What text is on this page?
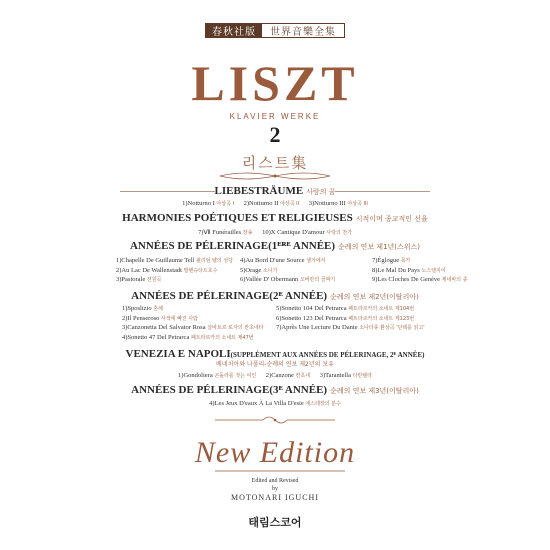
春秋社版	世界音樂全集
LISZT
KLAVIER WERKE
2
리스트集
LIEBESTRÄUME 사랑의 꿈
1)Notturno I 야상곡 I 2)Notturno II 야상곡 II 3)Notturno III 야상곡 III
HARMONIES POÉTIQUES ET RELIGIEUSES 시적이며 종교적인 선율
7)Ⅶ Funérailles 장송 10)X Cantique D'amour 사랑의 찬가
ANNÉES DE PÉLERINAGE(1ᴱᴿᴱ ANNÉE) 순례의 연보 제1년(스위스)
1)Chapelle De Guillaume Tell 윌리엄 텔의 성당
2)Au Lac De Wallenstadt 발렌슈타트호수
3)Pastorale 전원곡
4)Au Bord D'une Source 샘가에서
5)Orage 소나기
6)Vallée D' Obermann 오버만의 골짜기
7)Églogue 목가
8)Le Mal Du Pays 노스탤지어
9)Les Cloches De Genève 제네바의 종
ANNÉES DE PÉLERINAGE(2ᴱ ANNÉE) 순례의 연보 제2년(이탈리아)
1)Sposlizio 혼례
2)Il Penseroso 사색에 빠진 사람
3)Canzonetta Del Salvator Rosa 살바토르 로자의 칸초네타
4)Sonetto 47 Del Petrarca 페트라르카의 소네트 제47번
5)Sonetto 104 Del Petrarca 페트라르카의 소네트 제104번
6)Sonetto 123 Del Petrarca 페트라르카의 소네트 제123번
7)Après Une Lecture Du Dante 소나타풍 환상곡 '단테를 읽고'
VENEZIA E NAPOLI(SUPPLÉMENT AUX ANNÉES DE PÉLERINAGE, 2ᴱ ANNÉE)
베네치아와 나폴리-순례의 연보 제2년의 보유
1)Gondoliera 곤돌라를 젓는 여인 2)Canzone 칸초네 3)Tarantella 타란텔라
ANNÉES DE PÉLERINAGE(3ᴱ ANNÉE) 순례의 연보 제3년(이탈리아)
4)Les Jeux D'eaux À La Villa D'este 에스테장의 분수
New Edition
Edited and Revised
by
MOTONARI IGUCHI
태림스코어
